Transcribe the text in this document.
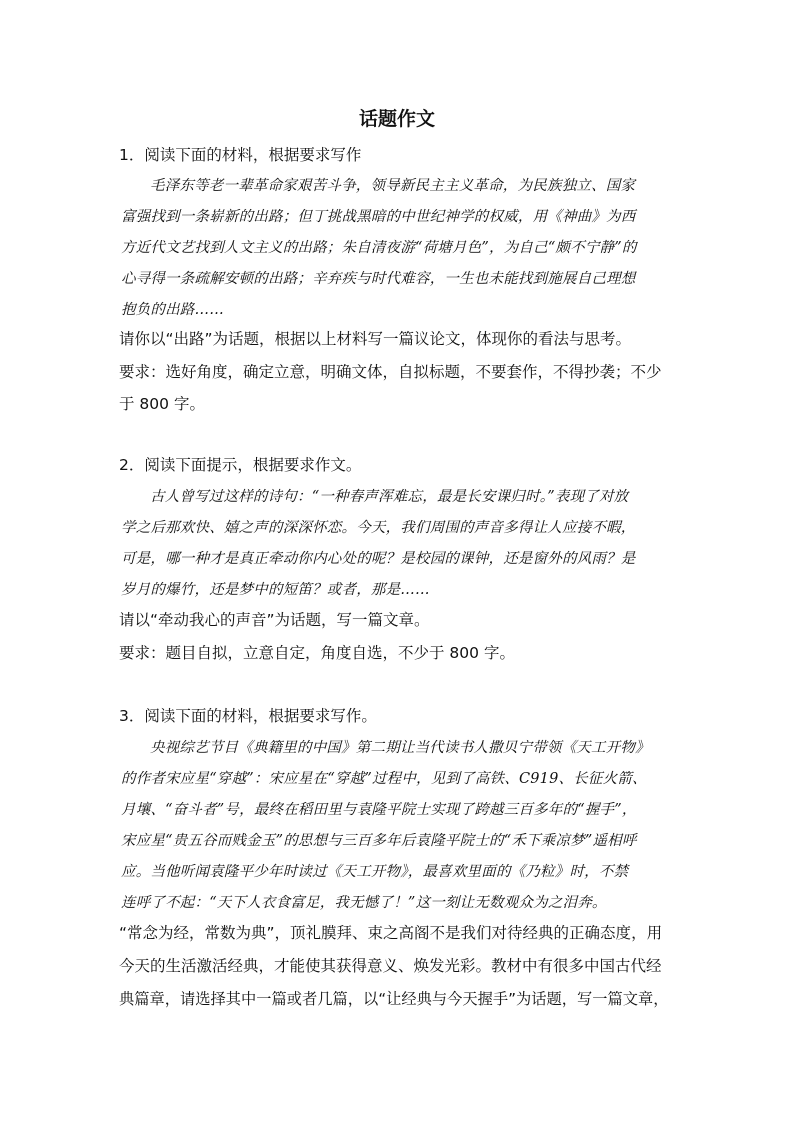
话题作文
1．阅读下面的材料，根据要求写作
毛泽东等老一辈革命家艰苦斗争，领导新民主主义革命，为民族独立、国家
富强找到一条崭新的出路；但丁挑战黑暗的中世纪神学的权威，用《神曲》为西
方近代文艺找到人文主义的出路；朱自清夜游“荷塘月色”，为自己“颇不宁静”的
心寻得一条疏解安顿的出路；辛弃疾与时代难容，一生也未能找到施展自己理想
抱负的出路……
请你以“出路”为话题，根据以上材料写一篇议论文，体现你的看法与思考。
要求：选好角度，确定立意，明确文体，自拟标题，不要套作，不得抄袭；不少
于 800 字。
2．阅读下面提示，根据要求作文。
古人曾写过这样的诗句：“一种春声浑难忘，最是长安课归时。”表现了对放
学之后那欢快、嬉之声的深深怀恋。今天，我们周围的声音多得让人应接不暇，
可是，哪一种才是真正牵动你内心处的呢？是校园的课钟，还是窗外的风雨？是
岁月的爆竹，还是梦中的短笛？或者，那是……
请以“牵动我心的声音”为话题，写一篇文章。
要求：题目自拟，立意自定，角度自选，不少于 800 字。
3．阅读下面的材料，根据要求写作。
央视综艺节目《典籍里的中国》第二期让当代读书人撒贝宁带领《天工开物》
的作者宋应星“穿越”：宋应星在“穿越”过程中，见到了高铁、C919、长征火箭、
月壤、“奋斗者”号，最终在稻田里与袁隆平院士实现了跨越三百多年的“握手”，
宋应星“贵五谷而贱金玉”的思想与三百多年后袁隆平院士的“禾下乘凉梦”遥相呼
应。当他听闻袁隆平少年时读过《天工开物》，最喜欢里面的《乃粒》时，不禁
连呼了不起：“天下人衣食富足，我无憾了！”这一刻让无数观众为之泪奔。
“常念为经，常数为典”，顶礼膜拜、束之高阁不是我们对待经典的正确态度，用
今天的生活激活经典，才能使其获得意义、焕发光彩。教材中有很多中国古代经
典篇章，请选择其中一篇或者几篇，以“让经典与今天握手”为话题，写一篇文章，
